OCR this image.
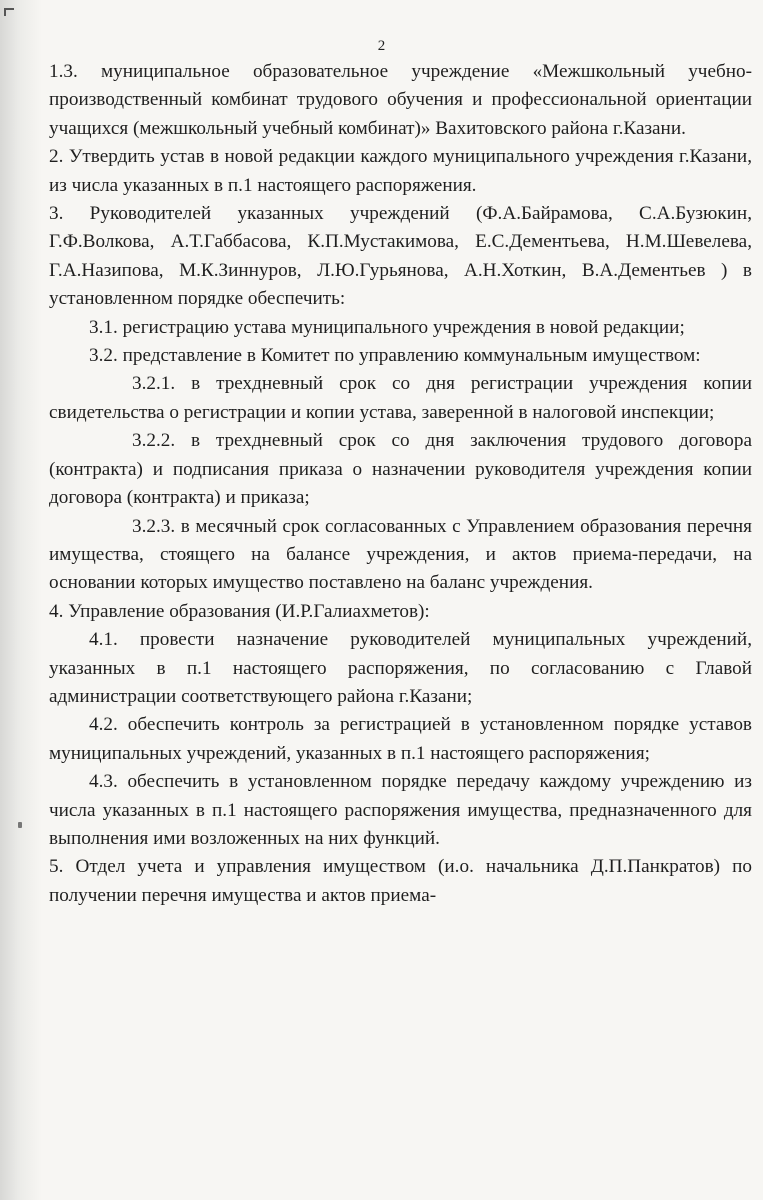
2

1.3. муниципальное образовательное учреждение «Межшкольный учебно-производственный комбинат трудового обучения и профессиональной ориентации учащихся (межшкольный учебный комбинат)» Вахитовского района г.Казани.

2. Утвердить устав в новой редакции каждого муниципального учреждения г.Казани, из числа указанных в п.1 настоящего распоряжения.

3. Руководителей указанных учреждений (Ф.А.Байрамова, С.А.Бузюкин, Г.Ф.Волкова, А.Т.Габбасова, К.П.Мустакимова, Е.С.Дементьева, Н.М.Шевелева, Г.А.Назипова, М.К.Зиннуров, Л.Ю.Гурьянова, А.Н.Хоткин, В.А.Дементьев ) в установленном порядке обеспечить:

3.1. регистрацию устава муниципального учреждения в новой редакции;

3.2. представление в Комитет по управлению коммунальным имуществом:

3.2.1. в трехдневный срок со дня регистрации учреждения копии свидетельства о регистрации и копии устава, заверенной в налоговой инспекции;

3.2.2. в трехдневный срок со дня заключения трудового договора (контракта) и подписания приказа о назначении руководителя учреждения копии договора (контракта) и приказа;

3.2.3. в месячный срок согласованных с Управлением образования перечня имущества, стоящего на балансе учреждения, и актов приема-передачи, на основании которых имущество поставлено на баланс учреждения.

4. Управление образования (И.Р.Галиахметов):

4.1. провести назначение руководителей муниципальных учреждений, указанных в п.1 настоящего распоряжения, по согласованию с Главой администрации соответствующего района г.Казани;

4.2. обеспечить контроль за регистрацией в установленном порядке уставов муниципальных учреждений, указанных в п.1 настоящего распоряжения;

4.3. обеспечить в установленном порядке передачу каждому учреждению из числа указанных в п.1 настоящего распоряжения имущества, предназначенного для выполнения ими возложенных на них функций.

5. Отдел учета и управления имуществом (и.о. начальника Д.П.Панкратов) по получении перечня имущества и актов приема-
